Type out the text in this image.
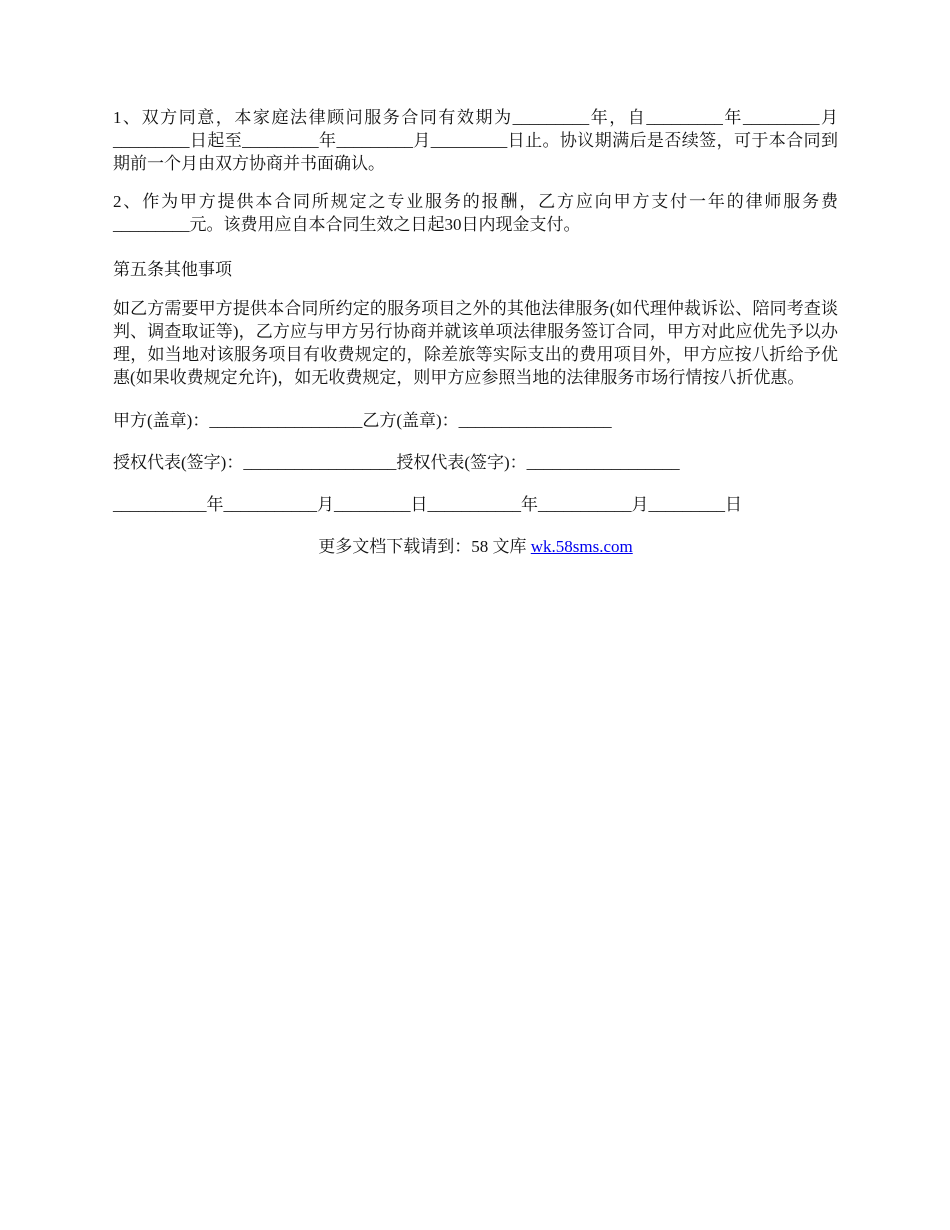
1、双方同意，本家庭法律顾问服务合同有效期为_________年，自_________年_________月_________日起至_________年_________月_________日止。协议期满后是否续签，可于本合同到期前一个月由双方协商并书面确认。

2、作为甲方提供本合同所规定之专业服务的报酬，乙方应向甲方支付一年的律师服务费_________元。该费用应自本合同生效之日起30日内现金支付。

第五条其他事项

如乙方需要甲方提供本合同所约定的服务项目之外的其他法律服务(如代理仲裁诉讼、陪同考查谈判、调查取证等)，乙方应与甲方另行协商并就该单项法律服务签订合同，甲方对此应优先予以办理，如当地对该服务项目有收费规定的，除差旅等实际支出的费用项目外，甲方应按八折给予优惠(如果收费规定允许)，如无收费规定，则甲方应参照当地的法律服务市场行情按八折优惠。

甲方(盖章)：__________________乙方(盖章)：__________________

授权代表(签字)：__________________授权代表(签字)：__________________

___________年___________月_________日___________年___________月_________日

更多文档下载请到：58 文库 wk.58sms.com
